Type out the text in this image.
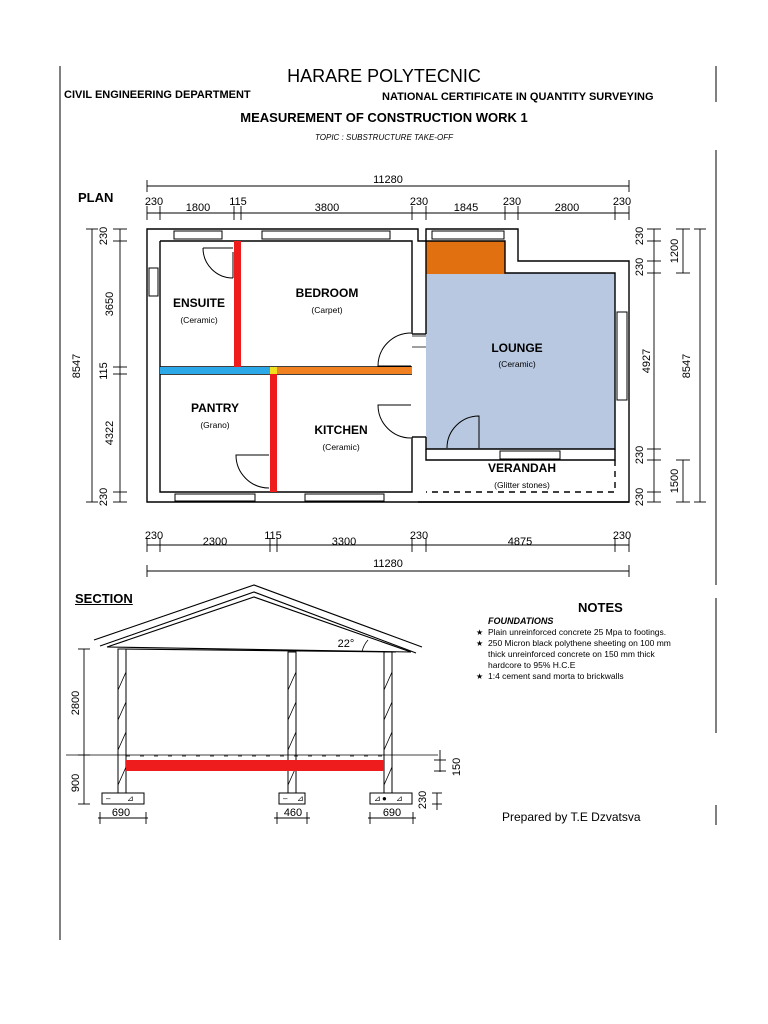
ENSUITE
(Ceramic)
BEDROOM
(Carpet)
LOUNGE
(Ceramic)
PANTRY
(Grano)	KITCHEN
(Ceramic)
VERANDAH
(Glitter stones)
11280
230 1800 115	3800	230 1845 230	2800	230
230	2300	115	3300	230	4875	230
11280
230
3650
115
4322
230
8547
230
230
4927
230
230
1200
1500
8547
22°
– ⊿	– ⊿	⊿ ● ⊿
2800
900
690	460	690
150
230
HARARE POLYTECNIC
CIVIL ENGINEERING DEPARTMENT	NATIONAL CERTIFICATE IN QUANTITY SURVEYING
MEASUREMENT OF CONSTRUCTION WORK 1
TOPIC : SUBSTRUCTURE TAKE-OFF
PLAN
SECTION
NOTES
FOUNDATIONS
★ Plain unreinforced concrete 25 Mpa to footings.
★ 250 Micron black polythene sheeting on 100 mm thick unreinforced concrete on 150 mm thick hardcore to 95% H.C.E
★ 1:4 cement sand morta to brickwalls
Prepared by T.E Dzvatsva
